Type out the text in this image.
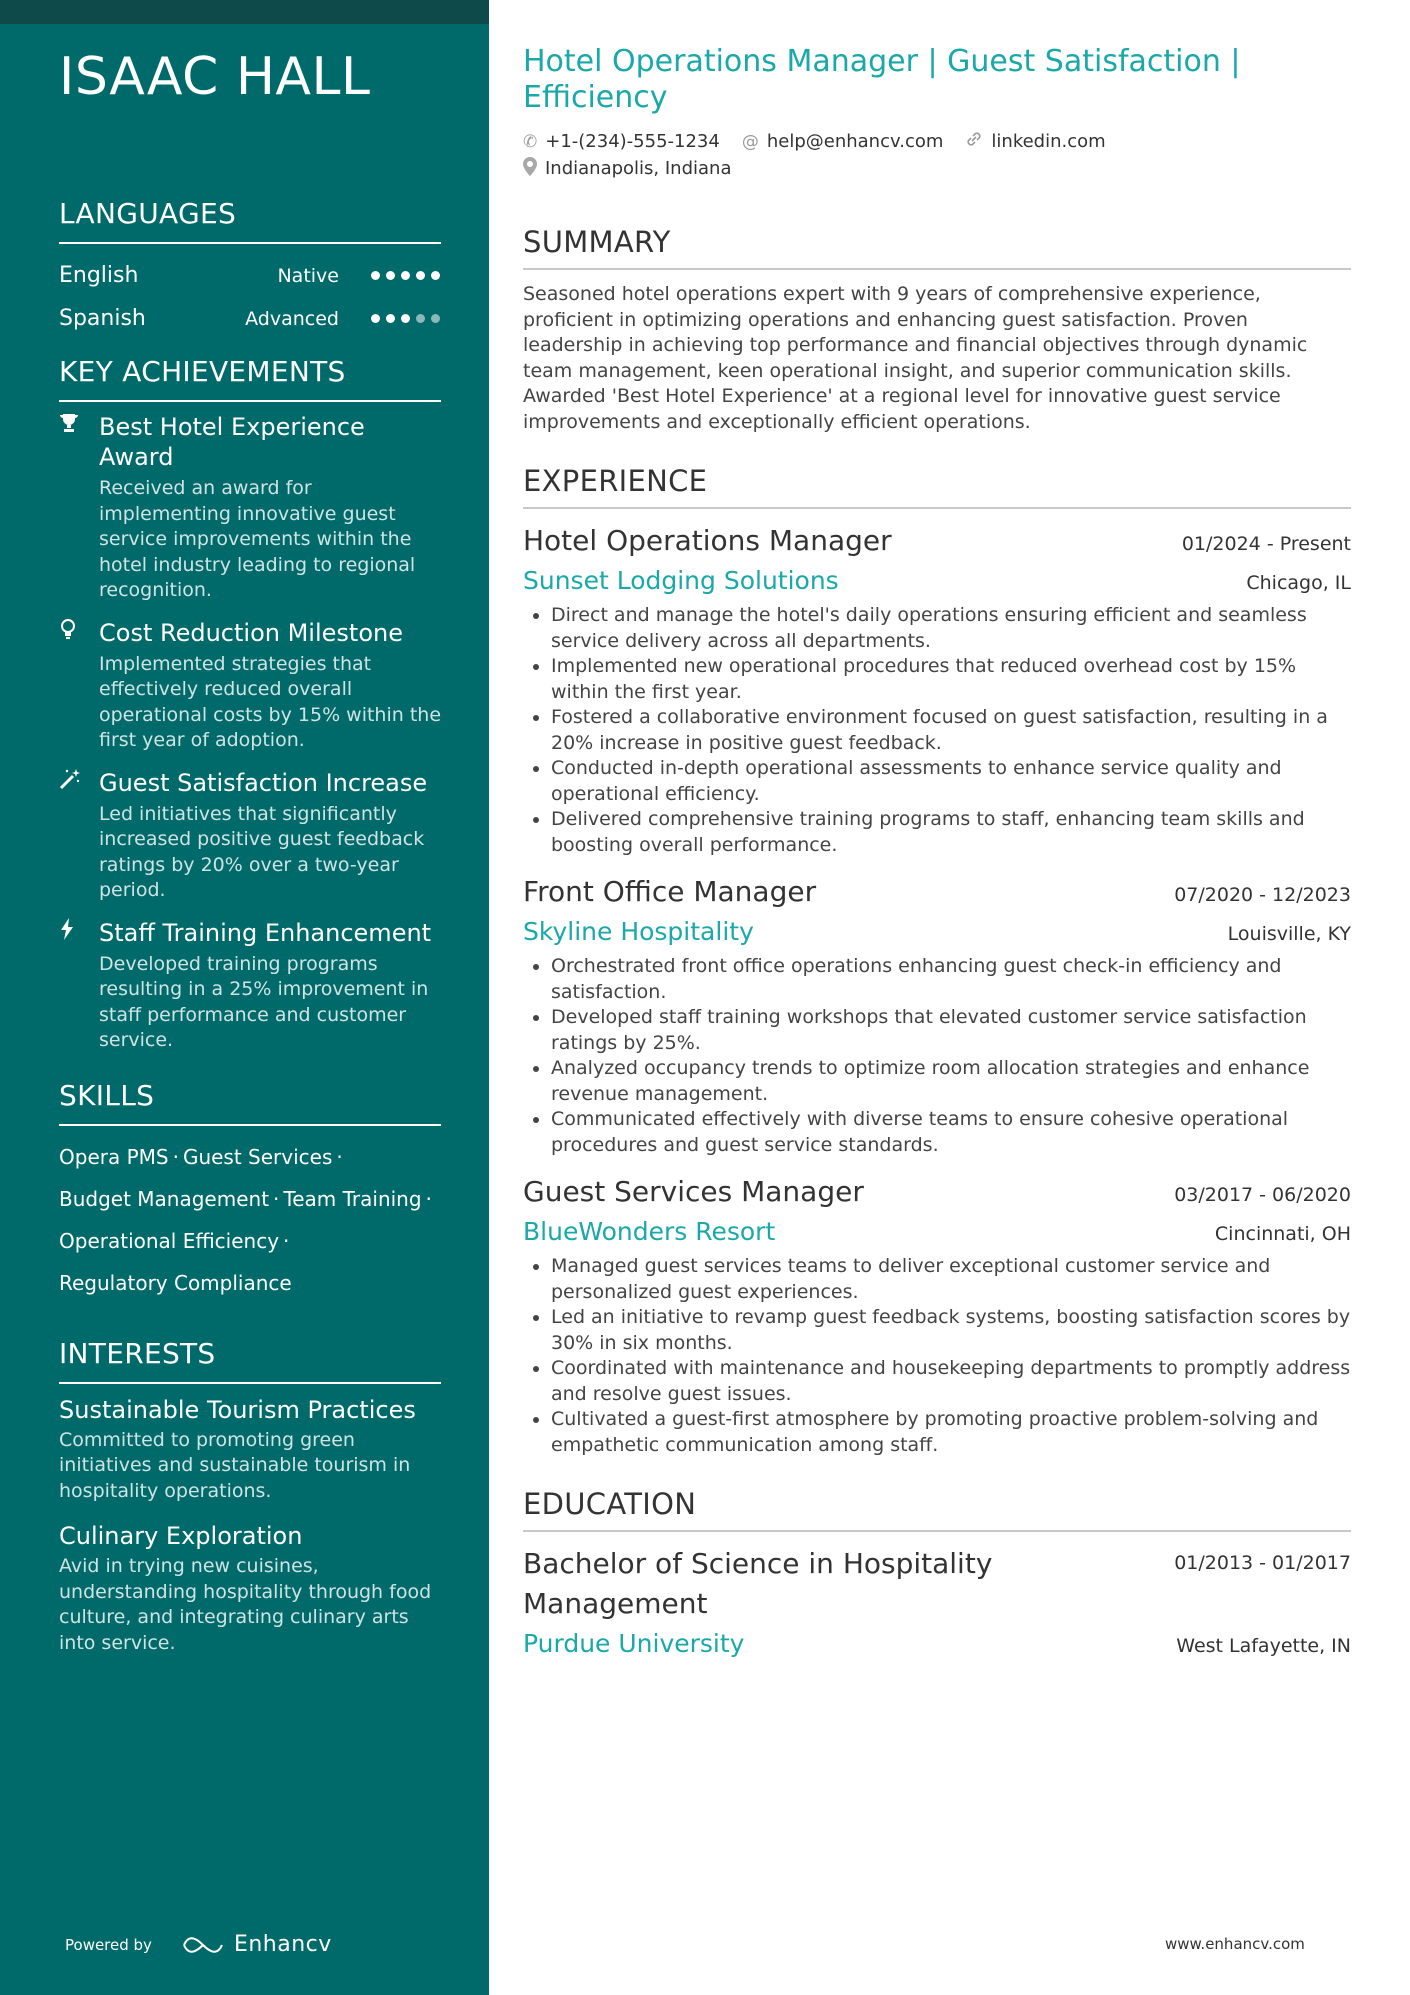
ISAAC HALL
LANGUAGES
English	Native
Spanish	Advanced
KEY ACHIEVEMENTS
Best Hotel Experience Award
Received an award for implementing innovative guest service improvements within the hotel industry leading to regional recognition.
Cost Reduction Milestone
Implemented strategies that effectively reduced overall operational costs by 15% within the first year of adoption.
Guest Satisfaction Increase
Led initiatives that significantly increased positive guest feedback ratings by 20% over a two-year period.
Staff Training Enhancement
Developed training programs resulting in a 25% improvement in staff performance and customer service.
SKILLS
Opera PMS · Guest Services ·
Budget Management · Team Training ·
Operational Efficiency ·
Regulatory Compliance
INTERESTS
Sustainable Tourism Practices
Committed to promoting green initiatives and sustainable tourism in hospitality operations.
Culinary Exploration
Avid in trying new cuisines, understanding hospitality through food culture, and integrating culinary arts into service.
Powered by	Enhancv
Hotel Operations Manager | Guest Satisfaction | Efficiency
✆ +1-(234)-555-1234 @ help@enhancv.com	linkedin.com
Indianapolis, Indiana
SUMMARY

Seasoned hotel operations expert with 9 years of comprehensive experience, proficient in optimizing operations and enhancing guest satisfaction. Proven leadership in achieving top performance and financial objectives through dynamic team management, keen operational insight, and superior communication skills. Awarded 'Best Hotel Experience' at a regional level for innovative guest service improvements and exceptionally efficient operations.

EXPERIENCE
Hotel Operations Manager	01/2024 - Present
Sunset Lodging Solutions	Chicago, IL
• Direct and manage the hotel's daily operations ensuring efficient and seamless service delivery across all departments.
• Implemented new operational procedures that reduced overhead cost by 15% within the first year.
• Fostered a collaborative environment focused on guest satisfaction, resulting in a 20% increase in positive guest feedback.
• Conducted in-depth operational assessments to enhance service quality and operational efficiency.
• Delivered comprehensive training programs to staff, enhancing team skills and boosting overall performance.
Front Office Manager	07/2020 - 12/2023
Skyline Hospitality	Louisville, KY
• Orchestrated front office operations enhancing guest check-in efficiency and satisfaction.
• Developed staff training workshops that elevated customer service satisfaction ratings by 25%.
• Analyzed occupancy trends to optimize room allocation strategies and enhance revenue management.
• Communicated effectively with diverse teams to ensure cohesive operational procedures and guest service standards.
Guest Services Manager	03/2017 - 06/2020
BlueWonders Resort	Cincinnati, OH
• Managed guest services teams to deliver exceptional customer service and personalized guest experiences.
• Led an initiative to revamp guest feedback systems, boosting satisfaction scores by 30% in six months.
• Coordinated with maintenance and housekeeping departments to promptly address and resolve guest issues.
• Cultivated a guest-first atmosphere by promoting proactive problem-solving and empathetic communication among staff.
EDUCATION
Bachelor of Science in Hospitality Management
01/2013 - 01/2017
Purdue University	West Lafayette, IN
www.enhancv.com
